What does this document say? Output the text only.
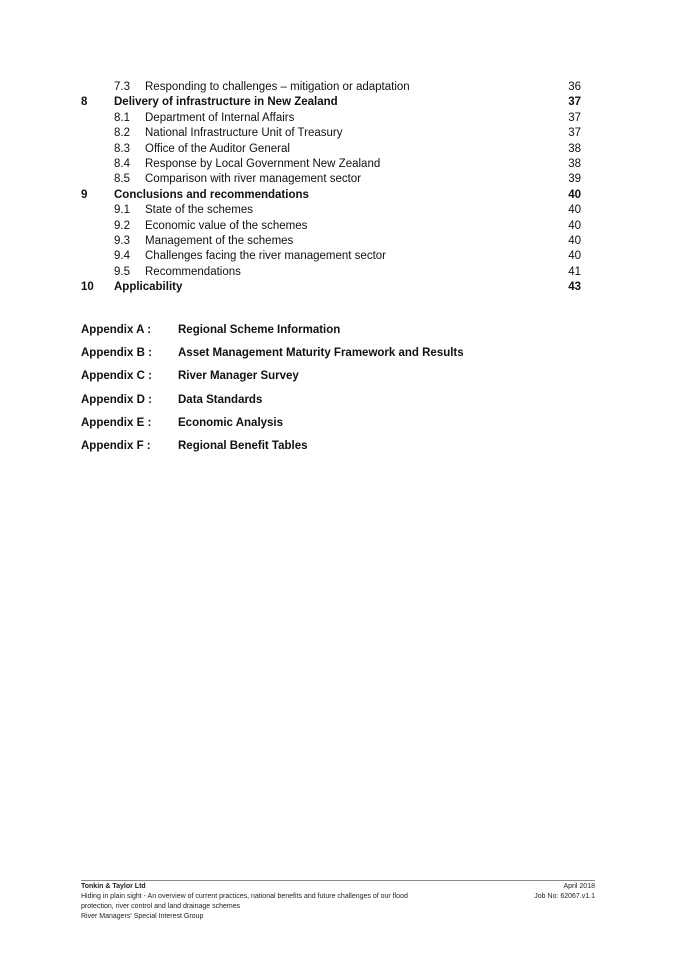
7.3 Responding to challenges – mitigation or adaptation	36
8 Delivery of infrastructure in New Zealand	37
8.1 Department of Internal Affairs	37
8.2 National Infrastructure Unit of Treasury	37
8.3 Office of the Auditor General	38
8.4 Response by Local Government New Zealand	38
8.5 Comparison with river management sector	39
9 Conclusions and recommendations	40
9.1 State of the schemes	40
9.2 Economic value of the schemes	40
9.3 Management of the schemes	40
9.4 Challenges facing the river management sector	40
9.5 Recommendations	41
10 Applicability	43
Appendix A : Regional Scheme Information
Appendix B : Asset Management Maturity Framework and Results
Appendix C : River Manager Survey
Appendix D : Data Standards
Appendix E : Economic Analysis
Appendix F : Regional Benefit Tables
Tonkin & Taylor Ltd
Hiding in plain sight - An overview of current practices, national benefits and future challenges of our flood
protection, river control and land drainage schemes
River Managers' Special Interest Group
April 2018
Job No: 62067.v1.1
